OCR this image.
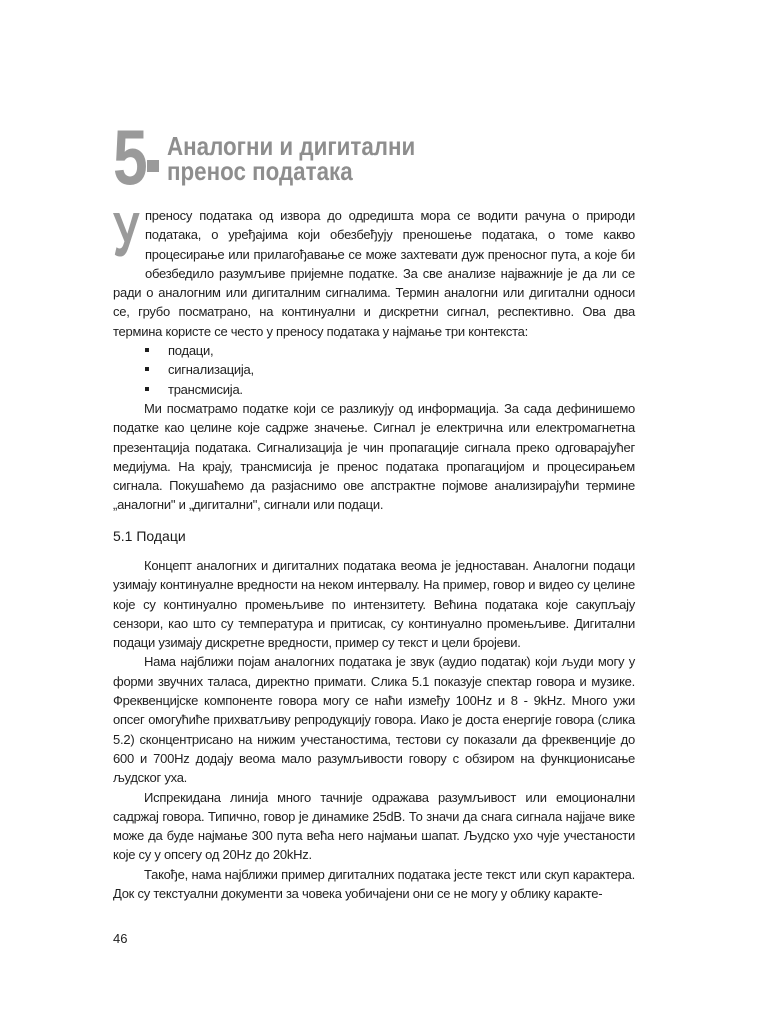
5 Аналогни и дигитални
пренос података

У преносу података од извора до одредишта мора се водити рачуна о природи података, о уређајима који обезбеђују преношење података, о томе какво процесирање или прилагођавање се може захтевати дуж преносног пута, а које би обезбедило разумљиве пријемне податке. За све анализе најважније је да ли се ради о аналогним или дигиталним сигналима. Термин аналогни или дигитални односи се, грубо посматрано, на континуални и дискретни сигнал, респективно. Ова два термина користе се често у преносу података у најмање три контекста:

подаци,
сигнализација,
трансмисија.

Ми посматрамо податке који се разликују од информација. За сада дефинишемо податке као целине које садрже значење. Сигнал је електрична или електромагнетна презентација података. Сигнализација је чин пропагације сигнала преко одговарајућег медијума. На крају, трансмисија је пренос података пропагацијом и процесирањем сигнала. Покушаћемо да разјаснимо ове апстрактне појмове анализирајући термине „аналогни" и „дигитални", сигнали или подаци.

5.1 Подаци

Концепт аналогних и дигиталних података веома је једноставан. Аналогни подаци узимају континуалне вредности на неком интервалу. На пример, говор и видео су целине које су континуално промењљиве по интензитету. Већина података које сакупљају сензори, као што су температура и притисак, су континуално промењљиве. Дигитални подаци узимају дискретне вредности, пример су текст и цели бројеви.

Нама најближи појам аналогних података је звук (аудио податак) који људи могу у форми звучних таласа, директно примати. Слика 5.1 показује спектар говора и музике. Фреквенцијске компоненте говора могу се наћи између 100Hz и 8 - 9kHz. Много ужи опсег омогућиће прихватљиву репродукцију говора. Иако је доста енергије говора (слика 5.2) сконцентрисано на нижим учестаностима, тестови су показали да фреквенције до 600 и 700Hz додају веома мало разумљивости говору с обзиром на функционисање људског уха.

Испрекидана линија много тачније одражава разумљивост или емоционални садржај говора. Типично, говор је динамике 25dB. То значи да снага сигнала најјаче вике може да буде најмање 300 пута већа него најмањи шапат. Људско ухо чује учестаности које су у опсегу од 20Hz до 20kHz.

Такође, нама најближи пример дигиталних података јесте текст или скуп карактера. Док су текстуални документи за човека уобичајени они се не могу у облику каракте-

46
